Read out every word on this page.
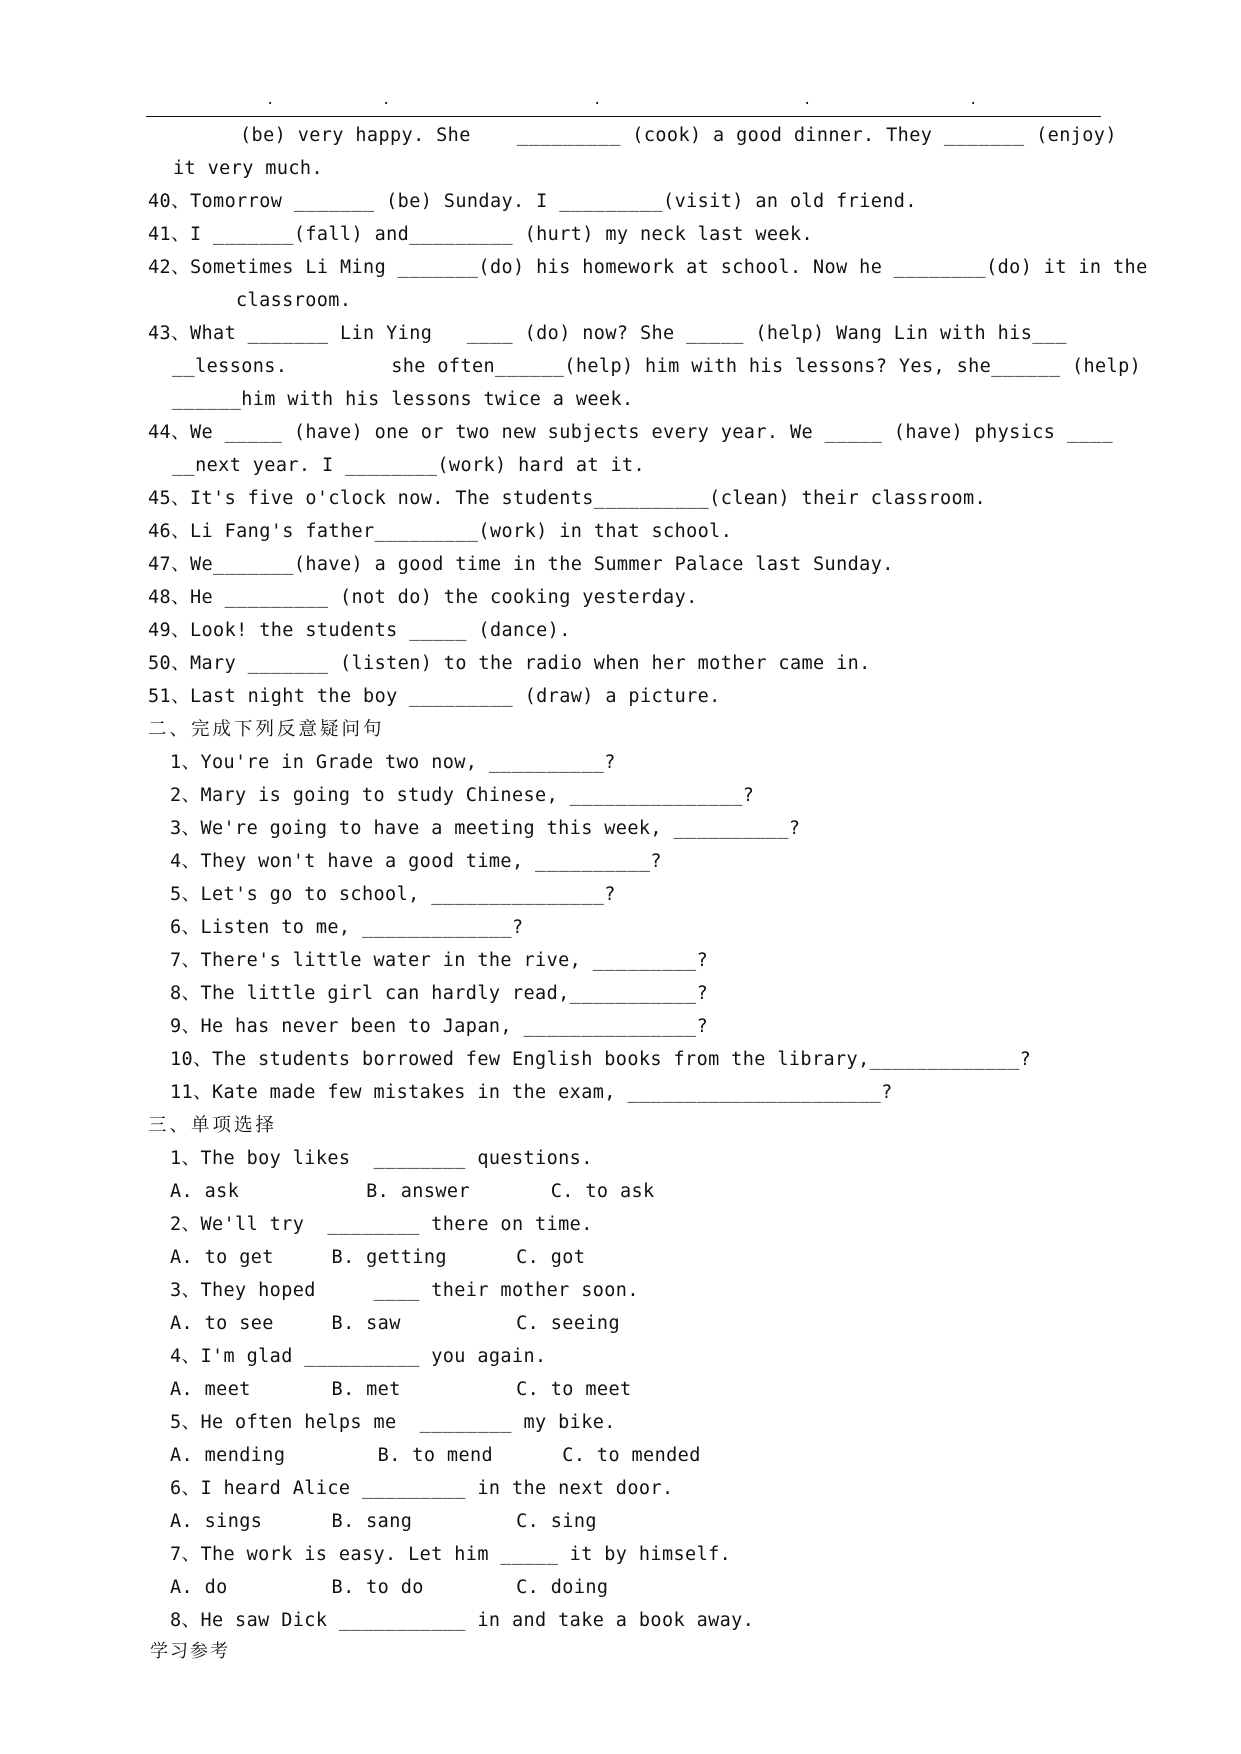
.	.	.	.	.
(be) very happy. She    _________ (cook) a good dinner. They _______ (enjoy)
it very much.
40、Tomorrow _______ (be) Sunday. I _________(visit) an old friend.
41、I _______(fall) and_________ (hurt) my neck last week.
42、Sometimes Li Ming _______(do) his homework at school. Now he ________(do) it in the
classroom.
43、What _______ Lin Ying   ____ (do) now? She _____ (help) Wang Lin with his___
__lessons.         she often______(help) him with his lessons? Yes, she______ (help)
______him with his lessons twice a week.
44、We _____ (have) one or two new subjects every year. We _____ (have) physics ____
__next year. I ________(work) hard at it.
45、It's five o'clock now. The students__________(clean) their classroom.
46、Li Fang's father_________(work) in that school.
47、We_______(have) a good time in the Summer Palace last Sunday.
48、He _________ (not do) the cooking yesterday.
49、Look! the students _____ (dance).
50、Mary _______ (listen) to the radio when her mother came in.
51、Last night the boy _________ (draw) a picture.
二、完成下列反意疑问句
1、You're in Grade two now, __________?
2、Mary is going to study Chinese, _______________?
3、We're going to have a meeting this week, __________?
4、They won't have a good time, __________?
5、Let's go to school, _______________?
6、Listen to me, _____________?
7、There's little water in the rive, _________?
8、The little girl can hardly read,___________?
9、He has never been to Japan, _______________?
10、The students borrowed few English books from the library,_____________?
11、Kate made few mistakes in the exam, ______________________?
三、单项选择
1、The boy likes  ________ questions.
A. ask           B. answer       C. to ask
2、We'll try  ________ there on time.
A. to get     B. getting      C. got
3、They hoped     ____ their mother soon.
A. to see     B. saw          C. seeing
4、I'm glad __________ you again.
A. meet       B. met          C. to meet
5、He often helps me  ________ my bike.
A. mending        B. to mend      C. to mended
6、I heard Alice _________ in the next door.
A. sings      B. sang         C. sing
7、The work is easy. Let him _____ it by himself.
A. do         B. to do        C. doing
8、He saw Dick ___________ in and take a book away.
学习参考
